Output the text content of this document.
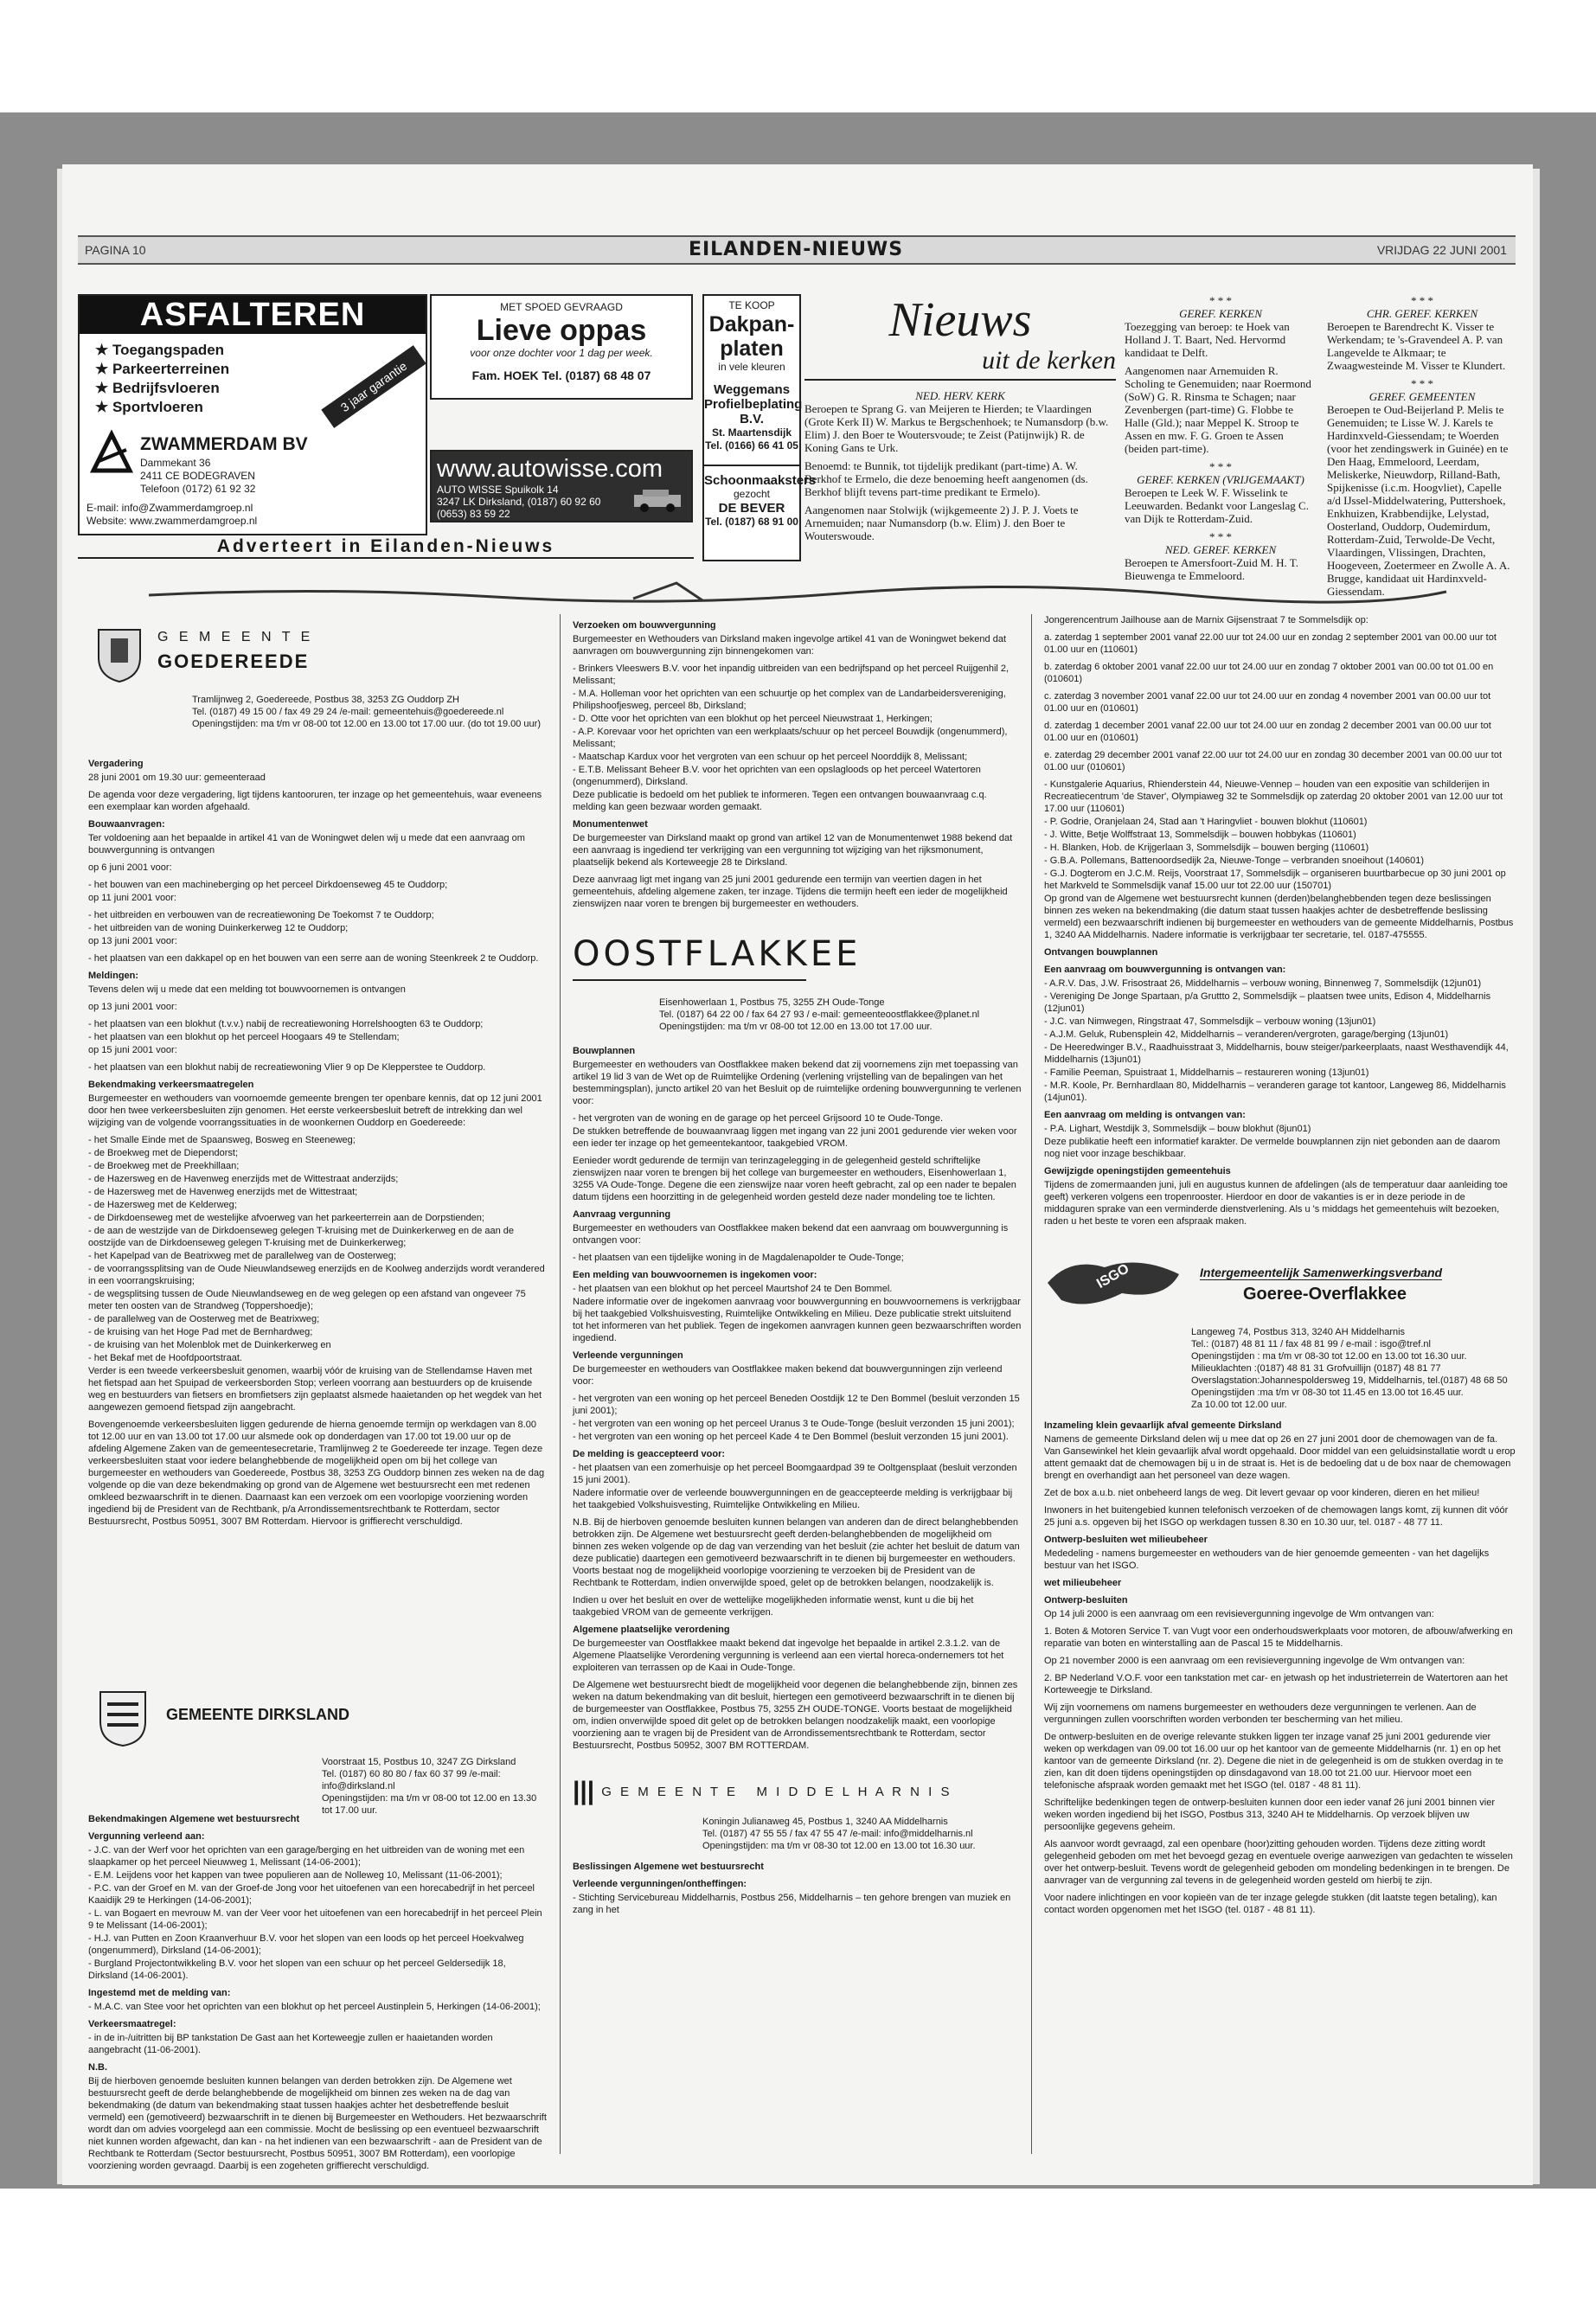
PAGINA 10	EILANDEN-NIEUWS	VRIJDAG 22 JUNI 2001
ASFALTEREN
★ Toegangspaden
★ Parkeerterreinen
★ Bedrijfsvloeren
★ Sportvloeren	3 jaar garantie
ZWAMMERDAM BV
Dammekant 36
2411 CE BODEGRAVEN
Telefoon (0172) 61 92 32
E-mail: info@Zwammerdamgroep.nl
Website: www.zwammerdamgroep.nl
MET SPOED GEVRAAGD
Lieve oppas
voor onze dochter voor 1 dag per week.
Fam. HOEK Tel. (0187) 68 48 07
www.autowisse.com
AUTO WISSE Spuikolk 14
3247 LK Dirksland, (0187) 60 92 60
(0653) 83 59 22
Adverteert in Eilanden-Nieuws
TE KOOP
Dakpan-platen
in vele kleuren
Weggemans Profielbeplating B.V.
St. Maartensdijk
Tel. (0166) 66 41 05
Schoonmaaksters
gezocht
DE BEVER
Tel. (0187) 68 91 00
Nieuws
uit de kerken
NED. HERV. KERK

Beroepen te Sprang G. van Meijeren te Hierden; te Vlaardingen (Grote Kerk II) W. Markus te Bergschenhoek; te Numansdorp (b.w. Elim) J. den Boer te Woutersvoude; te Zeist (Patijnwijk) R. de Koning Gans te Urk.

Benoemd: te Bunnik, tot tijdelijk predikant (part-time) A. W. Berkhof te Ermelo, die deze benoeming heeft aangenomen (ds. Berkhof blijft tevens part-time predikant te Ermelo).

Aangenomen naar Stolwijk (wijkgemeente 2) J. P. J. Voets te Arnemuiden; naar Numansdorp (b.w. Elim) J. den Boer te Wouterswoude.

* * *
GEREF. KERKEN

Toezegging van beroep: te Hoek van Holland J. T. Baart, Ned. Hervormd kandidaat te Delft.

Aangenomen naar Arnemuiden R. Scholing te Genemuiden; naar Roermond (SoW) G. R. Rinsma te Schagen; naar Zevenbergen (part-time) G. Flobbe te Halle (Gld.); naar Meppel K. Stroop te Assen en mw. F. G. Groen te Assen (beiden part-time).

* * *
GEREF. KERKEN (VRIJGEMAAKT)

Beroepen te Leek W. F. Wisselink te Leeuwarden. Bedankt voor Langeslag C. van Dijk te Rotterdam-Zuid.

* * *
NED. GEREF. KERKEN

Beroepen te Amersfoort-Zuid M. H. T. Bieuwenga te Emmeloord.

* * *
CHR. GEREF. KERKEN

Beroepen te Barendrecht K. Visser te Werkendam; te 's-Gravendeel A. P. van Langevelde te Alkmaar; te Zwaagwesteinde M. Visser te Klundert.

* * *
GEREF. GEMEENTEN

Beroepen te Oud-Beijerland P. Melis te Genemuiden; te Lisse W. J. Karels te Hardinxveld-Giessendam; te Woerden (voor het zendingswerk in Guinée) en te Den Haag, Emmeloord, Leerdam, Meliskerke, Nieuwdorp, Rilland-Bath, Spijkenisse (i.c.m. Hoogvliet), Capelle a/d IJssel-Middelwatering, Puttershoek, Enkhuizen, Krabbendijke, Lelystad, Oosterland, Ouddorp, Oudemirdum, Rotterdam-Zuid, Terwolde-De Vecht, Vlaardingen, Vlissingen, Drachten, Hoogeveen, Zoetermeer en Zwolle A. A. Brugge, kandidaat uit Hardinxveld-Giessendam.

G E M E E N T E
GOEDEREEDE
Tramlijnweg 2, Goedereede, Postbus 38, 3253 ZG Ouddorp ZH
Tel. (0187) 49 15 00 / fax 49 29 24 /e-mail: gemeentehuis@goedereede.nl
Openingstijden: ma t/m vr 08-00 tot 12.00 en 13.00 tot 17.00 uur. (do tot 19.00 uur)

Vergadering

28 juni 2001 om 19.30 uur: gemeenteraad

De agenda voor deze vergadering, ligt tijdens kantooruren, ter inzage op het gemeentehuis, waar eveneens een exemplaar kan worden afgehaald.

Bouwaanvragen:

Ter voldoening aan het bepaalde in artikel 41 van de Woningwet delen wij u mede dat een aanvraag om bouwvergunning is ontvangen

op 6 juni 2001 voor:

- het bouwen van een machineberging op het perceel Dirkdoenseweg 45 te Ouddorp;

op 11 juni 2001 voor:

- het uitbreiden en verbouwen van de recreatiewoning De Toekomst 7 te Ouddorp;

- het uitbreiden van de woning Duinkerkerweg 12 te Ouddorp;

op 13 juni 2001 voor:

- het plaatsen van een dakkapel op en het bouwen van een serre aan de woning Steenkreek 2 te Ouddorp.

Meldingen:

Tevens delen wij u mede dat een melding tot bouwvoornemen is ontvangen

op 13 juni 2001 voor:

- het plaatsen van een blokhut (t.v.v.) nabij de recreatiewoning Horrelshoogten 63 te Ouddorp;

- het plaatsen van een blokhut op het perceel Hoogaars 49 te Stellendam;

op 15 juni 2001 voor:

- het plaatsen van een blokhut nabij de recreatiewoning Vlier 9 op De Klepperstee te Ouddorp.

Bekendmaking verkeersmaatregelen

Burgemeester en wethouders van voornoemde gemeente brengen ter openbare kennis, dat op 12 juni 2001 door hen twee verkeersbesluiten zijn genomen. Het eerste verkeersbesluit betreft de intrekking dan wel wijziging van de volgende voorrangssituaties in de woonkernen Ouddorp en Goedereede:

- het Smalle Einde met de Spaansweg, Bosweg en Steeneweg;

- de Broekweg met de Diependorst;

- de Broekweg met de Preekhillaan;

- de Hazersweg en de Havenweg enerzijds met de Wittestraat anderzijds;

- de Hazersweg met de Havenweg enerzijds met de Wittestraat;

- de Hazersweg met de Kelderweg;

- de Dirkdoenseweg met de westelijke afvoerweg van het parkeerterrein aan de Dorpstienden;

- de aan de westzijde van de Dirkdoenseweg gelegen T-kruising met de Duinkerkerweg en de aan de oostzijde van de Dirkdoenseweg gelegen T-kruising met de Duinkerkerweg;

- het Kapelpad van de Beatrixweg met de parallelweg van de Oosterweg;

- de voorrangssplitsing van de Oude Nieuwlandseweg enerzijds en de Koolweg anderzijds wordt verandered in een voorrangskruising;

- de wegsplitsing tussen de Oude Nieuwlandseweg en de weg gelegen op een afstand van ongeveer 75 meter ten oosten van de Strandweg (Toppershoedje);

- de parallelweg van de Oosterweg met de Beatrixweg;

- de kruising van het Hoge Pad met de Bernhardweg;

- de kruising van het Molenblok met de Duinkerkerweg en

- het Bekaf met de Hoofdpoortstraat.

Verder is een tweede verkeersbesluit genomen, waarbij vóór de kruising van de Stellendamse Haven met het fietspad aan het Spuipad de verkeersborden Stop; verleen voorrang aan bestuurders op de kruisende weg en bestuurders van fietsers en bromfietsers zijn geplaatst alsmede haaietanden op het wegdek van het aangewezen gemoend fietspad zijn aangebracht.

Bovengenoemde verkeersbesluiten liggen gedurende de hierna genoemde termijn op werkdagen van 8.00 tot 12.00 uur en van 13.00 tot 17.00 uur alsmede ook op donderdagen van 17.00 tot 19.00 uur op de afdeling Algemene Zaken van de gemeentesecretarie, Tramlijnweg 2 te Goedereede ter inzage. Tegen deze verkeersbesluiten staat voor iedere belanghebbende de mogelijkheid open om bij het college van burgemeester en wethouders van Goedereede, Postbus 38, 3253 ZG Ouddorp binnen zes weken na de dag volgende op die van deze bekendmaking op grond van de Algemene wet bestuursrecht een met redenen omkleed bezwaarschrift in te dienen. Daarnaast kan een verzoek om een voorlopige voorziening worden ingediend bij de President van de Rechtbank, p/a Arrondissementsrechtbank te Rotterdam, sector Bestuursrecht, Postbus 50951, 3007 BM Rotterdam. Hiervoor is griffierecht verschuldigd.

GEMEENTE DIRKSLAND
Voorstraat 15, Postbus 10, 3247 ZG Dirksland
Tel. (0187) 60 80 80 / fax 60 37 99 /e-mail: info@dirksland.nl
Openingstijden: ma t/m vr 08-00 tot 12.00 en 13.30 tot 17.00 uur.

Bekendmakingen Algemene wet bestuursrecht

Vergunning verleend aan:

- J.C. van der Werf voor het oprichten van een garage/berging en het uitbreiden van de woning met een slaapkamer op het perceel Nieuwweg 1, Melissant (14-06-2001);

- E.M. Leijdens voor het kappen van twee populieren aan de Nolleweg 10, Melissant (11-06-2001);

- P.C. van der Groef en M. van der Groef-de Jong voor het uitoefenen van een horecabedrijf in het perceel Kaaidijk 29 te Herkingen (14-06-2001);

- L. van Bogaert en mevrouw M. van der Veer voor het uitoefenen van een horecabedrijf in het perceel Plein 9 te Melissant (14-06-2001);

- H.J. van Putten en Zoon Kraanverhuur B.V. voor het slopen van een loods op het perceel Hoekvalweg (ongenummerd), Dirksland (14-06-2001);

- Burgland Projectontwikkeling B.V. voor het slopen van een schuur op het perceel Geldersedijk 18, Dirksland (14-06-2001).

Ingestemd met de melding van:

- M.A.C. van Stee voor het oprichten van een blokhut op het perceel Austinplein 5, Herkingen (14-06-2001);

Verkeersmaatregel:

- in de in-/uitritten bij BP tankstation De Gast aan het Korteweegje zullen er haaietanden worden aangebracht (11-06-2001).

N.B.

Bij de hierboven genoemde besluiten kunnen belangen van derden betrokken zijn. De Algemene wet bestuursrecht geeft de derde belanghebbende de mogelijkheid om binnen zes weken na de dag van bekendmaking (de datum van bekendmaking staat tussen haakjes achter het desbetreffende besluit vermeld) een (gemotiveerd) bezwaarschrift in te dienen bij Burgemeester en Wethouders. Het bezwaarschrift wordt dan om advies voorgelegd aan een commissie. Mocht de beslissing op een eventueel bezwaarschrift niet kunnen worden afgewacht, dan kan - na het indienen van een bezwaarschrift - aan de President van de Rechtbank te Rotterdam (Sector bestuursrecht, Postbus 50951, 3007 BM Rotterdam), een voorlopige voorziening worden gevraagd. Daarbij is een zogeheten griffierecht verschuldigd.

Verzoeken om bouwvergunning

Burgemeester en Wethouders van Dirksland maken ingevolge artikel 41 van de Woningwet bekend dat aanvragen om bouwvergunning zijn binnengekomen van:

- Brinkers Vleeswers B.V. voor het inpandig uitbreiden van een bedrijfspand op het perceel Ruijgenhil 2, Melissant;

- M.A. Holleman voor het oprichten van een schuurtje op het complex van de Landarbeidersvereniging, Philipshoofjesweg, perceel 8b, Dirksland;

- D. Otte voor het oprichten van een blokhut op het perceel Nieuwstraat 1, Herkingen;

- A.P. Korevaar voor het oprichten van een werkplaats/schuur op het perceel Bouwdijk (ongenummerd), Melissant;

- Maatschap Kardux voor het vergroten van een schuur op het perceel Noorddijk 8, Melissant;

- E.T.B. Melissant Beheer B.V. voor het oprichten van een opslagloods op het perceel Watertoren (ongenummerd), Dirksland.

Deze publicatie is bedoeld om het publiek te informeren. Tegen een ontvangen bouwaanvraag c.q. melding kan geen bezwaar worden gemaakt.

Monumentenwet

De burgemeester van Dirksland maakt op grond van artikel 12 van de Monumentenwet 1988 bekend dat een aanvraag is ingediend ter verkrijging van een vergunning tot wijziging van het rijksmonument, plaatselijk bekend als Korteweegje 28 te Dirksland.

Deze aanvraag ligt met ingang van 25 juni 2001 gedurende een termijn van veertien dagen in het gemeentehuis, afdeling algemene zaken, ter inzage. Tijdens die termijn heeft een ieder de mogelijkheid zienswijzen naar voren te brengen bij burgemeester en wethouders.

OOSTFLAKKEE
Eisenhowerlaan 1, Postbus 75, 3255 ZH Oude-Tonge
Tel. (0187) 64 22 00 / fax 64 27 93 / e-mail: gemeenteoostflakkee@planet.nl
Openingstijden: ma t/m vr 08-00 tot 12.00 en 13.00 tot 17.00 uur.

Bouwplannen

Burgemeester en wethouders van Oostflakkee maken bekend dat zij voornemens zijn met toepassing van artikel 19 lid 3 van de Wet op de Ruimtelijke Ordening (verlening vrijstelling van de bepalingen van het bestemmingsplan), juncto artikel 20 van het Besluit op de ruimtelijke ordening bouwvergunning te verlenen voor:

- het vergroten van de woning en de garage op het perceel Grijsoord 10 te Oude-Tonge.

De stukken betreffende de bouwaanvraag liggen met ingang van 22 juni 2001 gedurende vier weken voor een ieder ter inzage op het gemeentekantoor, taakgebied VROM.

Eenieder wordt gedurende de termijn van terinzagelegging in de gelegenheid gesteld schriftelijke zienswijzen naar voren te brengen bij het college van burgemeester en wethouders, Eisenhowerlaan 1, 3255 VA Oude-Tonge. Degene die een zienswijze naar voren heeft gebracht, zal op een nader te bepalen datum tijdens een hoorzitting in de gelegenheid worden gesteld deze nader mondeling toe te lichten.

Aanvraag vergunning

Burgemeester en wethouders van Oostflakkee maken bekend dat een aanvraag om bouwvergunning is ontvangen voor:

- het plaatsen van een tijdelijke woning in de Magdalenapolder te Oude-Tonge;

Een melding van bouwvoornemen is ingekomen voor:

- het plaatsen van een blokhut op het perceel Maurtshof 24 te Den Bommel.

Nadere informatie over de ingekomen aanvraag voor bouwvergunning en bouwvoornemens is verkrijgbaar bij het taakgebied Volkshuisvesting, Ruimtelijke Ontwikkeling en Milieu. Deze publicatie strekt uitsluitend tot het informeren van het publiek. Tegen de ingekomen aanvragen kunnen geen bezwaarschriften worden ingediend.

Verleende vergunningen

De burgemeester en wethouders van Oostflakkee maken bekend dat bouwvergunningen zijn verleend voor:

- het vergroten van een woning op het perceel Beneden Oostdijk 12 te Den Bommel (besluit verzonden 15 juni 2001);

- het vergroten van een woning op het perceel Uranus 3 te Oude-Tonge (besluit verzonden 15 juni 2001);

- het vergroten van een woning op het perceel Kade 4 te Den Bommel (besluit verzonden 15 juni 2001).

De melding is geaccepteerd voor:

- het plaatsen van een zomerhuisje op het perceel Boomgaardpad 39 te Ooltgensplaat (besluit verzonden 15 juni 2001).

Nadere informatie over de verleende bouwvergunningen en de geaccepteerde melding is verkrijgbaar bij het taakgebied Volkshuisvesting, Ruimtelijke Ontwikkeling en Milieu.

N.B. Bij de hierboven genoemde besluiten kunnen belangen van anderen dan de direct belanghebbenden betrokken zijn. De Algemene wet bestuursrecht geeft derden-belanghebbenden de mogelijkheid om binnen zes weken volgende op de dag van verzending van het besluit (zie achter het besluit de datum van deze publicatie) daartegen een gemotiveerd bezwaarschrift in te dienen bij burgemeester en wethouders. Voorts bestaat nog de mogelijkheid voorlopige voorziening te verzoeken bij de President van de Rechtbank te Rotterdam, indien onverwijlde spoed, gelet op de betrokken belangen, noodzakelijk is.

Indien u over het besluit en over de wettelijke mogelijkheden informatie wenst, kunt u die bij het taakgebied VROM van de gemeente verkrijgen.

Algemene plaatselijke verordening

De burgemeester van Oostflakkee maakt bekend dat ingevolge het bepaalde in artikel 2.3.1.2. van de Algemene Plaatselijke Verordening vergunning is verleend aan een viertal horeca-ondernemers tot het exploiteren van terrassen op de Kaai in Oude-Tonge.

De Algemene wet bestuursrecht biedt de mogelijkheid voor degenen die belanghebbende zijn, binnen zes weken na datum bekendmaking van dit besluit, hiertegen een gemotiveerd bezwaarschrift in te dienen bij de burgemeester van Oostflakkee, Postbus 75, 3255 ZH OUDE-TONGE. Voorts bestaat de mogelijkheid om, indien onverwijlde spoed dit gelet op de betrokken belangen noodzakelijk maakt, een voorlopige voorziening aan te vragen bij de President van de Arrondissementsrechtbank te Rotterdam, sector Bestuursrecht, Postbus 50952, 3007 BM ROTTERDAM.

||| G E M E E N T E   M I D D E L H A R N I S
Koningin Julianaweg 45, Postbus 1, 3240 AA Middelharnis
Tel. (0187) 47 55 55 / fax 47 55 47 /e-mail: info@middelharnis.nl
Openingstijden: ma t/m vr 08-30 tot 12.00 en 13.00 tot 16.30 uur.

Beslissingen Algemene wet bestuursrecht

Verleende vergunningen/ontheffingen:

- Stichting Servicebureau Middelharnis, Postbus 256, Middelharnis – ten gehore brengen van muziek en zang in het

Jongerencentrum Jailhouse aan de Marnix Gijsenstraat 7 te Sommelsdijk op:

a. zaterdag 1 september 2001 vanaf 22.00 uur tot 24.00 uur en zondag 2 september 2001 van 00.00 uur tot 01.00 uur en (110601)

b. zaterdag 6 oktober 2001 vanaf 22.00 uur tot 24.00 uur en zondag 7 oktober 2001 van 00.00 tot 01.00 en (010601)

c. zaterdag 3 november 2001 vanaf 22.00 uur tot 24.00 uur en zondag 4 november 2001 van 00.00 uur tot 01.00 uur en (010601)

d. zaterdag 1 december 2001 vanaf 22.00 uur tot 24.00 uur en zondag 2 december 2001 van 00.00 uur tot 01.00 uur en (010601)

e. zaterdag 29 december 2001 vanaf 22.00 uur tot 24.00 uur en zondag 30 december 2001 van 00.00 uur tot 01.00 uur (010601)

- Kunstgalerie Aquarius, Rhienderstein 44, Nieuwe-Vennep – houden van een expositie van schilderijen in Recreatiecentrum 'de Staver', Olympiaweg 32 te Sommelsdijk op zaterdag 20 oktober 2001 van 12.00 uur tot 17.00 uur (110601)

- P. Godrie, Oranjelaan 24, Stad aan 't Haringvliet - bouwen blokhut (110601)

- J. Witte, Betje Wolffstraat 13, Sommelsdijk – bouwen hobbykas (110601)

- H. Blanken, Hob. de Krijgerlaan 3, Sommelsdijk – bouwen berging (110601)

- G.B.A. Pollemans, Battenoordsedijk 2a, Nieuwe-Tonge – verbranden snoeihout (140601)

- G.J. Dogterom en J.C.M. Reijs, Voorstraat 17, Sommelsdijk – organiseren buurtbarbecue op 30 juni 2001 op het Markveld te Sommelsdijk vanaf 15.00 uur tot 22.00 uur (150701)

Op grond van de Algemene wet bestuursrecht kunnen (derden)belanghebbenden tegen deze beslissingen binnen zes weken na bekendmaking (die datum staat tussen haakjes achter de desbetreffende beslissing vermeld) een bezwaarschrift indienen bij burgemeester en wethouders van de gemeente Middelharnis, Postbus 1, 3240 AA Middelharnis. Nadere informatie is verkrijgbaar ter secretarie, tel. 0187-475555.

Ontvangen bouwplannen

Een aanvraag om bouwvergunning is ontvangen van:

- A.R.V. Das, J.W. Frisostraat 26, Middelharnis – verbouw woning, Binnenweg 7, Sommelsdijk (12jun01)

- Vereniging De Jonge Spartaan, p/a Gruttto 2, Sommelsdijk – plaatsen twee units, Edison 4, Middelharnis (12jun01)

- J.C. van Nimwegen, Ringstraat 47, Sommelsdijk – verbouw woning (13jun01)

- A.J.M. Geluk, Rubensplein 42, Middelharnis – veranderen/vergroten, garage/berging (13jun01)

- De Heeredwinger B.V., Raadhuisstraat 3, Middelharnis, bouw steiger/parkeerplaats, naast Westhavendijk 44, Middelharnis (13jun01)

- Familie Peeman, Spuistraat 1, Middelharnis – restaureren woning (13jun01)

- M.R. Koole, Pr. Bernhardlaan 80, Middelharnis – veranderen garage tot kantoor, Langeweg 86, Middelharnis (14jun01).

Een aanvraag om melding is ontvangen van:

- P.A. Lighart, Westdijk 3, Sommelsdijk – bouw blokhut (8jun01)

Deze publikatie heeft een informatief karakter. De vermelde bouwplannen zijn niet gebonden aan de daarom nog niet voor inzage beschikbaar.

Gewijzigde openingstijden gemeentehuis

Tijdens de zomermaanden juni, juli en augustus kunnen de afdelingen (als de temperatuur daar aanleiding toe geeft) verkeren volgens een tropenrooster. Hierdoor en door de vakanties is er in deze periode in de middaguren sprake van een verminderde dienstverlening. Als u 's middags het gemeentehuis wilt bezoeken, raden u het beste te voren een afspraak maken.

ISGO	Intergemeentelijk Samenwerkingsverband
Goeree-Overflakkee
Langeweg 74, Postbus 313, 3240 AH Middelharnis
Tel.: (0187) 48 81 11 / fax 48 81 99 / e-mail : isgo@tref.nl
Openingstijden : ma t/m vr 08-30 tot 12.00 en 13.00 tot 16.30 uur.
Milieuklachten :(0187) 48 81 31 Grofvuillijn (0187) 48 81 77
Overslagstation:Johannespoldersweg 19, Middelharnis, tel.(0187) 48 68 50
Openingstijden :ma t/m vr 08-30 tot 11.45 en 13.00 tot 16.45 uur.
Za 10.00 tot 12.00 uur.

Inzameling klein gevaarlijk afval gemeente Dirksland

Namens de gemeente Dirksland delen wij u mee dat op 26 en 27 juni 2001 door de chemowagen van de fa. Van Gansewinkel het klein gevaarlijk afval wordt opgehaald. Door middel van een geluidsinstallatie wordt u erop attent gemaakt dat de chemowagen bij u in de straat is. Het is de bedoeling dat u de box naar de chemowagen brengt en overhandigt aan het personeel van deze wagen.

Zet de box a.u.b. niet onbeheerd langs de weg. Dit levert gevaar op voor kinderen, dieren en het milieu!

Inwoners in het buitengebied kunnen telefonisch verzoeken of de chemowagen langs komt, zij kunnen dit vóór 25 juni a.s. opgeven bij het ISGO op werkdagen tussen 8.30 en 10.30 uur, tel. 0187 - 48 77 11.

Ontwerp-besluiten wet milieubeheer

Mededeling - namens burgemeester en wethouders van de hier genoemde gemeenten - van het dagelijks bestuur van het ISGO.

wet milieubeheer

Ontwerp-besluiten

Op 14 juli 2000 is een aanvraag om een revisievergunning ingevolge de Wm ontvangen van:

1. Boten & Motoren Service T. van Vugt voor een onderhoudswerkplaats voor motoren, de afbouw/afwerking en reparatie van boten en winterstalling aan de Pascal 15 te Middelharnis.

Op 21 november 2000 is een aanvraag om een revisievergunning ingevolge de Wm ontvangen van:

2. BP Nederland V.O.F. voor een tankstation met car- en jetwash op het industrieterrein de Watertoren aan het Korteweegje te Dirksland.

Wij zijn voornemens om namens burgemeester en wethouders deze vergunningen te verlenen. Aan de vergunningen zullen voorschriften worden verbonden ter bescherming van het milieu.

De ontwerp-besluiten en de overige relevante stukken liggen ter inzage vanaf 25 juni 2001 gedurende vier weken op werkdagen van 09.00 tot 16.00 uur op het kantoor van de gemeente Middelharnis (nr. 1) en op het kantoor van de gemeente Dirksland (nr. 2). Degene die niet in de gelegenheid is om de stukken overdag in te zien, kan dit doen tijdens openingstijden op dinsdagavond van 18.00 tot 21.00 uur. Hiervoor moet een telefonische afspraak worden gemaakt met het ISGO (tel. 0187 - 48 81 11).

Schriftelijke bedenkingen tegen de ontwerp-besluiten kunnen door een ieder vanaf 26 juni 2001 binnen vier weken worden ingediend bij het ISGO, Postbus 313, 3240 AH te Middelharnis. Op verzoek blijven uw persoonlijke gegevens geheim.

Als aanvoor wordt gevraagd, zal een openbare (hoor)zitting gehouden worden. Tijdens deze zitting wordt gelegenheid geboden om met het bevoegd gezag en eventuele overige aanwezigen van gedachten te wisselen over het ontwerp-besluit. Tevens wordt de gelegenheid geboden om mondeling bedenkingen in te brengen. De aanvrager van de vergunning zal tevens in de gelegenheid worden gesteld om hierbij te zijn.

Voor nadere inlichtingen en voor kopieën van de ter inzage gelegde stukken (dit laatste tegen betaling), kan contact worden opgenomen met het ISGO (tel. 0187 - 48 81 11).
